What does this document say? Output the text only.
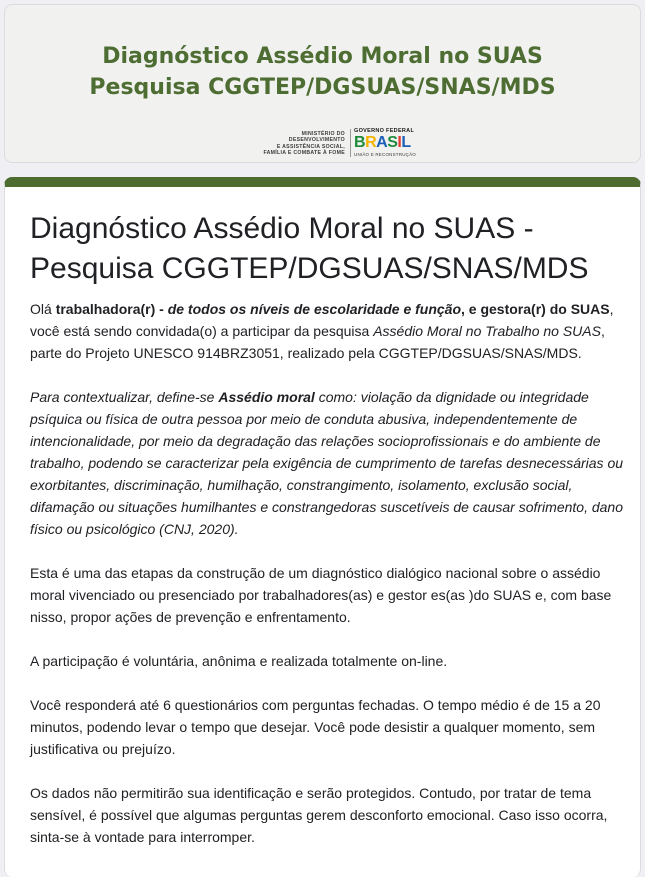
Diagnóstico Assédio Moral no SUAS
Pesquisa CGGTEP/DGSUAS/SNAS/MDS
MINISTÉRIO DO
DESENVOLVIMENTO
E ASSISTÊNCIA SOCIAL,
FAMÍLIA E COMBATE À FOME
GOVERNO FEDERAL
BRASIL
UNIÃO E RECONSTRUÇÃO
Diagnóstico Assédio Moral no SUAS - Pesquisa CGGTEP/DGSUAS/SNAS/MDS

Olá trabalhadora(r) - de todos os níveis de escolaridade e função, e gestora(r) do SUAS, você está sendo convidada(o) a participar da pesquisa Assédio Moral no Trabalho no SUAS, parte do Projeto UNESCO 914BRZ3051, realizado pela CGGTEP/DGSUAS/SNAS/MDS.

Para contextualizar, define-se Assédio moral como: violação da dignidade ou integridade psíquica ou física de outra pessoa por meio de conduta abusiva, independentemente de intencionalidade, por meio da degradação das relações socioprofissionais e do ambiente de trabalho, podendo se caracterizar pela exigência de cumprimento de tarefas desnecessárias ou exorbitantes, discriminação, humilhação, constrangimento, isolamento, exclusão social, difamação ou situações humilhantes e constrangedoras suscetíveis de causar sofrimento, dano físico ou psicológico (CNJ, 2020).

Esta é uma das etapas da construção de um diagnóstico dialógico nacional sobre o assédio moral vivenciado ou presenciado por trabalhadores(as) e gestor es(as )do SUAS e, com base nisso, propor ações de prevenção e enfrentamento.

A participação é voluntária, anônima e realizada totalmente on-line.

Você responderá até 6 questionários com perguntas fechadas. O tempo médio é de 15 a 20 minutos, podendo levar o tempo que desejar. Você pode desistir a qualquer momento, sem justificativa ou prejuízo.

Os dados não permitirão sua identificação e serão protegidos. Contudo, por tratar de tema sensível, é possível que algumas perguntas gerem desconforto emocional. Caso isso ocorra, sinta-se à vontade para interromper.
